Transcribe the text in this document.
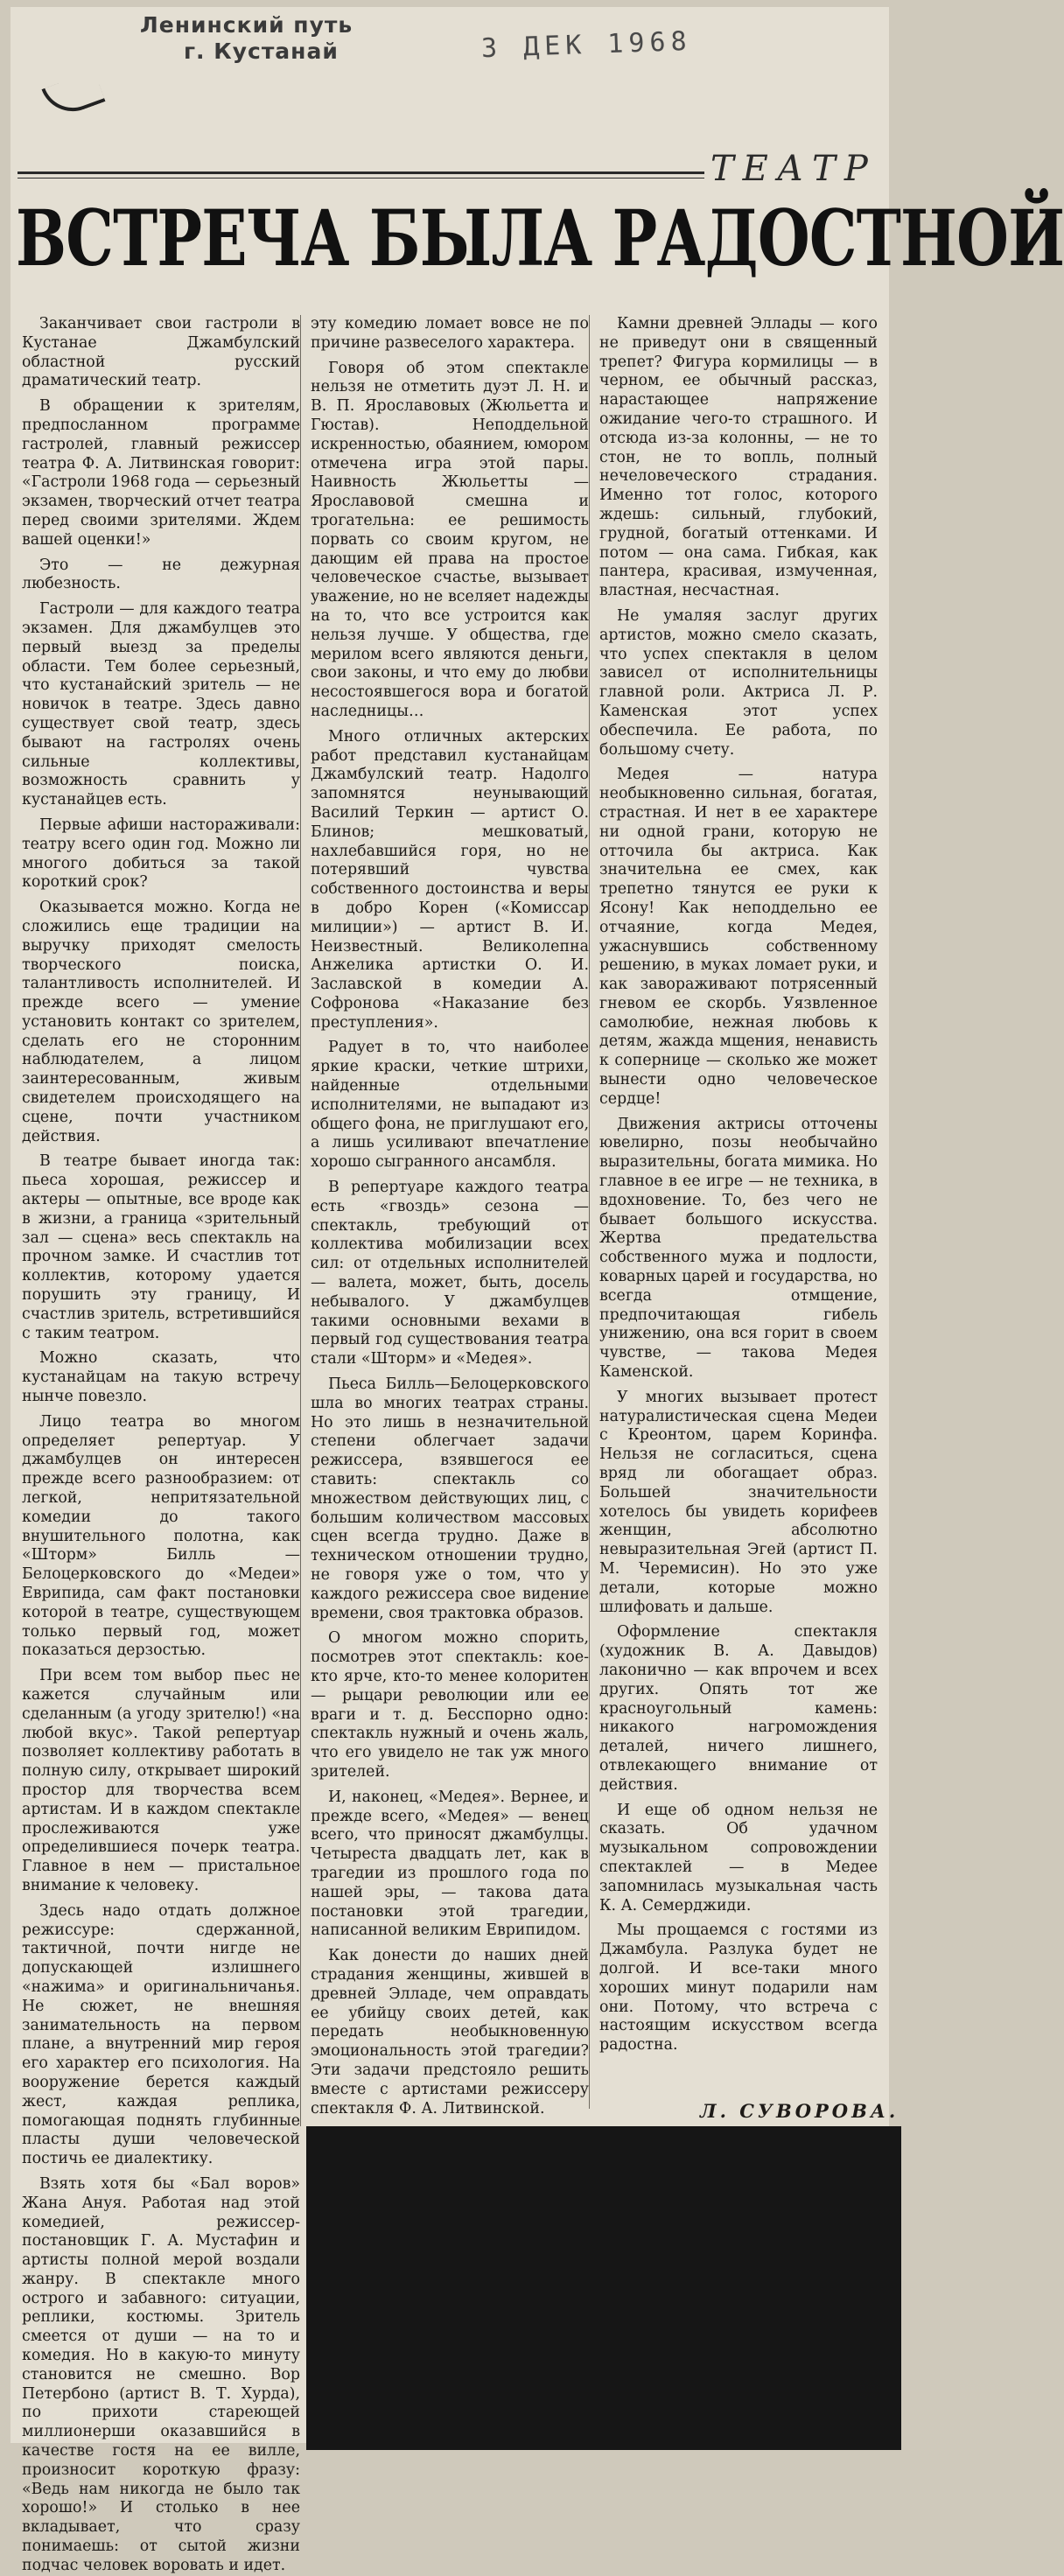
Ленинский путь
г. Кустанай	3 ДЕК 1968
ТЕАТР
ВСТРЕЧА БЫЛА РАДОСТНОЙ

Заканчивает свои гастроли в Кустанае Джамбулский областной русский драматический театр.

В обращении к зрителям, предпосланном программе гастролей, главный режиссер театра Ф. А. Литвинская говорит: «Гастроли 1968 года — серьезный экзамен, творческий отчет театра перед своими зрителями. Ждем вашей оценки!»

Это — не дежурная любезность.

Гастроли — для каждого театра экзамен. Для джамбулцев это первый выезд за пределы области. Тем более серьезный, что кустанайский зритель — не новичок в театре. Здесь давно существует свой театр, здесь бывают на гастролях очень сильные коллективы, возможность сравнить у кустанайцев есть.

Первые афиши настораживали: театру всего один год. Можно ли многого добиться за такой короткий срок?

Оказывается можно. Когда не сложились еще традиции на выручку приходят смелость творческого поиска, талантливость исполнителей. И прежде всего — умение установить контакт со зрителем, сделать его не сторонним наблюдателем, а лицом заинтересованным, живым свидетелем происходящего на сцене, почти участником действия.

В театре бывает иногда так: пьеса хорошая, режиссер и актеры — опытные, все вроде как в жизни, а граница «зрительный зал — сцена» весь спектакль на прочном замке. И счастлив тот коллектив, которому удается порушить эту границу, И счастлив зритель, встретившийся с таким театром.

Можно сказать, что кустанайцам на такую встречу нынче повезло.

Лицо театра во многом определяет репертуар. У джамбулцев он интересен прежде всего разнообразием: от легкой, непритязательной комедии до такого внушительного полотна, как «Шторм» Билль — Белоцерковского до «Медеи» Еврипида, сам факт постановки которой в театре, существующем только первый год, может показаться дерзостью.

При всем том выбор пьес не кажется случайным или сделанным (а угоду зрителю!) «на любой вкус». Такой репертуар позволяет коллективу работать в полную силу, открывает широкий простор для творчества всем артистам. И в каждом спектакле прослеживаются уже определившиеся почерк театра. Главное в нем — пристальное внимание к человеку.

Здесь надо отдать должное режиссуре: сдержанной, тактичной, почти нигде не допускающей излишнего «нажима» и оригинальничанья. Не сюжет, не внешняя занимательность на первом плане, а внутренний мир героя его характер его психология. На вооружение берется каждый жест, каждая реплика, помогающая поднять глубинные пласты души человеческой постичь ее диалектику.

Взять хотя бы «Бал воров» Жана Ануя. Работая над этой комедией, режиссер-постановщик Г. А. Мустафин и артисты полной мерой воздали жанру. В спектакле много острого и забавного: ситуации, реплики, костюмы. Зритель смеется от души — на то и комедия. Но в какую-то минуту становится не смешно. Вор Петербоно (артист В. Т. Хурда), по прихоти стареющей миллионерши оказавшийся в качестве гостя на ее вилле, произносит короткую фразу: «Ведь нам никогда не было так хорошо!» И столько в нее вкладывает, что сразу понимаешь: от сытой жизни подчас человек воровать и идет.

эту комедию ломает вовсе не по причине развеселого характера.

Говоря об этом спектакле нельзя не отметить дуэт Л. Н. и В. П. Ярославовых (Жюльетта и Гюстав). Неподдельной искренностью, обаянием, юмором отмечена игра этой пары. Наивность Жюльетты — Ярославовой смешна и трогательна: ее решимость порвать со своим кругом, не дающим ей права на простое человеческое счастье, вызывает уважение, но не вселяет надежды на то, что все устроится как нельзя лучше. У общества, где мерилом всего являются деньги, свои законы, и что ему до любви несостоявшегося вора и богатой наследницы…

Много отличных актерских работ представил кустанайцам Джамбулский театр. Надолго запомнятся неунывающий Василий Теркин — артист О. Блинов; мешковатый, нахлебавшийся горя, но не потерявший чувства собственного достоинства и веры в добро Корен («Комиссар милиции») — артист В. И. Неизвестный. Великолепна Анжелика артистки О. И. Заславской в комедии А. Софронова «Наказание без преступления».

Радует в то, что наиболее яркие краски, четкие штрихи, найденные отдельными исполнителями, не выпадают из общего фона, не приглушают его, а лишь усиливают впечатление хорошо сыгранного ансамбля.

В репертуаре каждого театра есть «гвоздь» сезона — спектакль, требующий от коллектива мобилизации всех сил: от отдельных исполнителей — валета, может, быть, досель небывалого. У джамбулцев такими основными вехами в первый год существования театра стали «Шторм» и «Медея».

Пьеса Билль—Белоцерковского шла во многих театрах страны. Но это лишь в незначительной степени облегчает задачи режиссера, взявшегося ее ставить: спектакль со множеством действующих лиц, с большим количеством массовых сцен всегда трудно. Даже в техническом отношении трудно, не говоря уже о том, что у каждого режиссера свое видение времени, своя трактовка образов.

О многом можно спорить, посмотрев этот спектакль: кое-кто ярче, кто-то менее колоритен — рыцари революции или ее враги и т. д. Бесспорно одно: спектакль нужный и очень жаль, что его увидело не так уж много зрителей.

И, наконец, «Медея». Вернее, и прежде всего, «Медея» — венец всего, что приносят джамбулцы. Четыреста двадцать лет, как в трагедии из прошлого года по нашей эры, — такова дата постановки этой трагедии, написанной великим Еврипидом.

Как донести до наших дней страдания женщины, жившей в древней Элладе, чем оправдать ее убийцу своих детей, как передать необыкновенную эмоциональность этой трагедии? Эти задачи предстояло решить вместе с артистами режиссеру спектакля Ф. А. Литвинской.

Камни древней Эллады — кого не приведут они в священный трепет? Фигура кормилицы — в черном, ее обычный рассказ, нарастающее напряжение ожидание чего-то страшного. И отсюда из-за колонны, — не то стон, не то вопль, полный нечеловеческого страдания. Именно тот голос, которого ждешь: сильный, глубокий, грудной, богатый оттенками. И потом — она сама. Гибкая, как пантера, красивая, измученная, властная, несчастная.

Не умаляя заслуг других артистов, можно смело сказать, что успех спектакля в целом зависел от исполнительницы главной роли. Актриса Л. Р. Каменская этот успех обеспечила. Ее работа, по большому счету.

Медея — натура необыкновенно сильная, богатая, страстная. И нет в ее характере ни одной грани, которую не отточила бы актриса. Как значительна ее смех, как трепетно тянутся ее руки к Ясону! Как неподдельно ее отчаяние, когда Медея, ужаснувшись собственному решению, в муках ломает руки, и как завораживают потрясенный гневом ее скорбь. Уязвленное самолюбие, нежная любовь к детям, жажда мщения, ненависть к сопернице — сколько же может вынести одно человеческое сердце!

Движения актрисы отточены ювелирно, позы необычайно выразительны, богата мимика. Но главное в ее игре — не техника, в вдохновение. То, без чего не бывает большого искусства. Жертва предательства собственного мужа и подлости, коварных царей и государства, но всегда отмщение, предпочитающая гибель унижению, она вся горит в своем чувстве, — такова Медея Каменской.

У многих вызывает протест натуралистическая сцена Медеи с Креонтом, царем Коринфа. Нельзя не согласиться, сцена вряд ли обогащает образ. Большей значительности хотелось бы увидеть корифеев женщин, абсолютно невыразительная Эгей (артист П. М. Черемисин). Но это уже детали, которые можно шлифовать и дальше.

Оформление спектакля (художник В. А. Давыдов) лаконично — как впрочем и всех других. Опять тот же красноугольный камень: никакого нагромождения деталей, ничего лишнего, отвлекающего внимание от действия.

И еще об одном нельзя не сказать. Об удачном музыкальном сопровождении спектаклей — в Медее запомнилась музыкальная часть К. А. Семерджиди.

Мы прощаемся с гостями из Джамбула. Разлука будет не долгой. И все-таки много хороших минут подарили нам они. Потому, что встреча с настоящим искусством всегда радостна.

Л. СУВОРОВА.
